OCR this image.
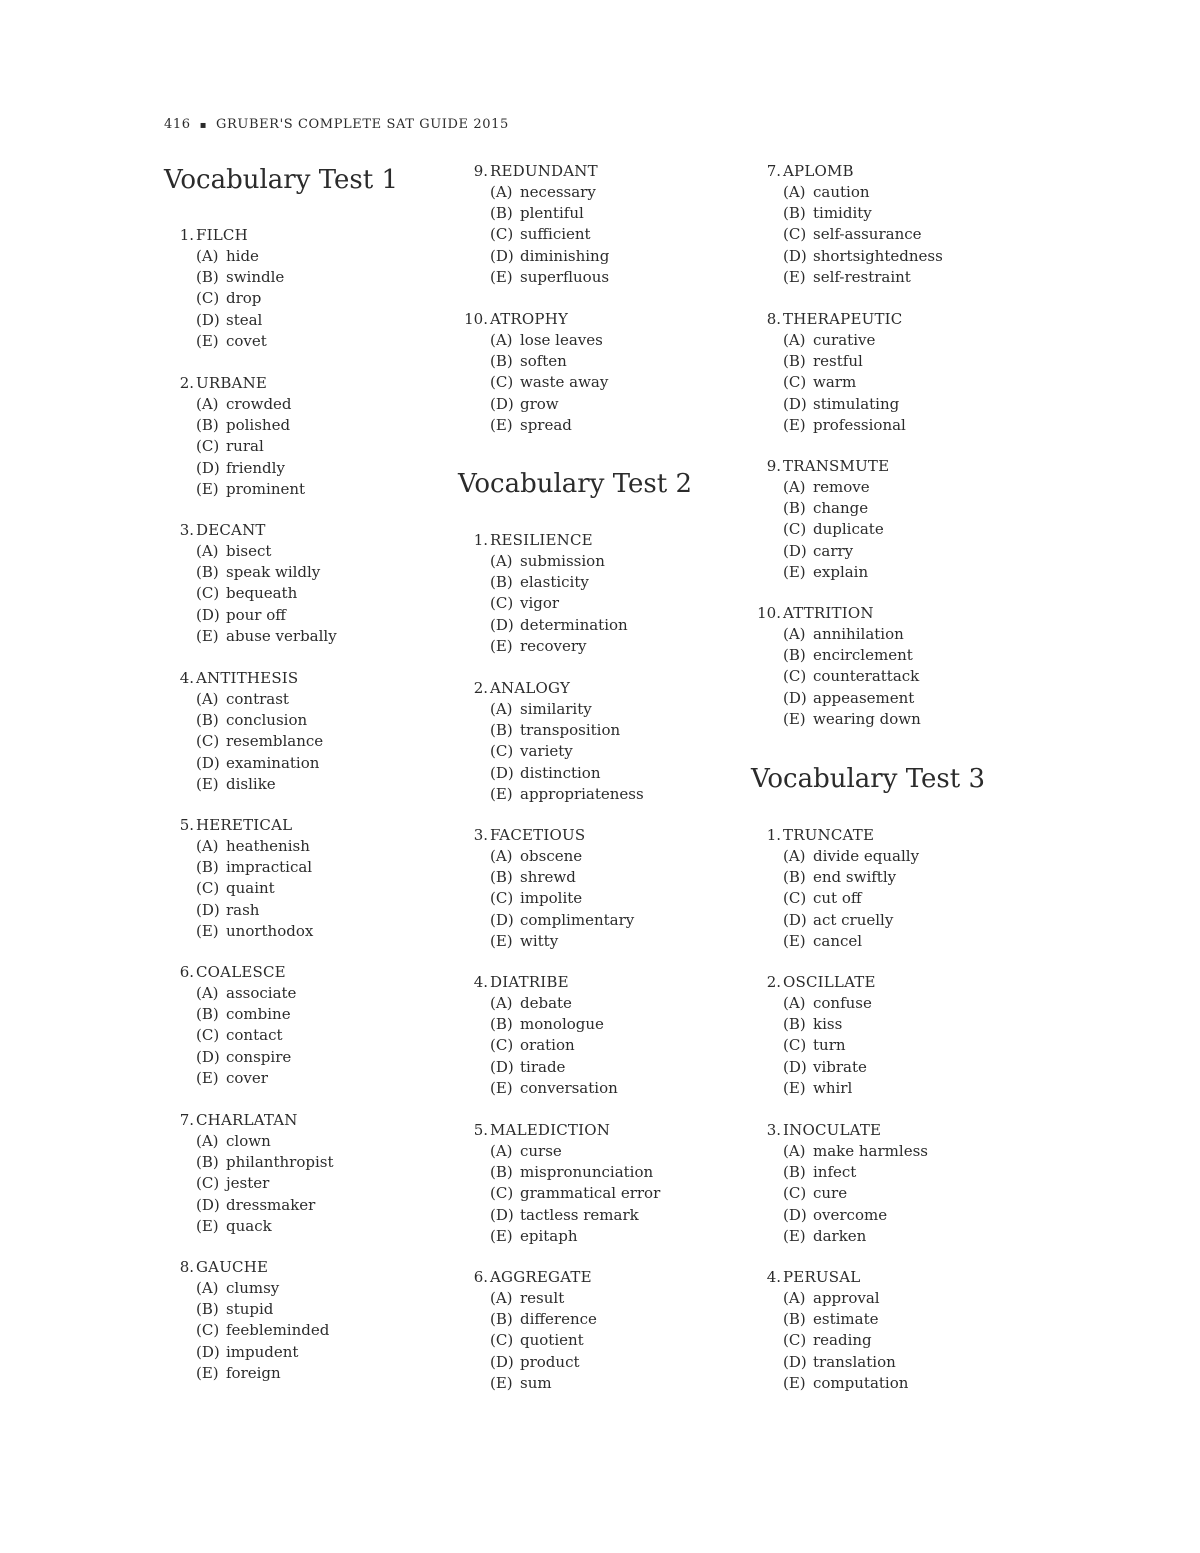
416 ▪ GRUBER'S COMPLETE SAT GUIDE 2015
Vocabulary Test 1
1. FILCH
(A) hide
(B) swindle
(C) drop
(D) steal
(E) covet
2. URBANE
(A) crowded
(B) polished
(C) rural
(D) friendly
(E) prominent
3. DECANT
(A) bisect
(B) speak wildly
(C) bequeath
(D) pour off
(E) abuse verbally
4. ANTITHESIS
(A) contrast
(B) conclusion
(C) resemblance
(D) examination
(E) dislike
5. HERETICAL
(A) heathenish
(B) impractical
(C) quaint
(D) rash
(E) unorthodox
6. COALESCE
(A) associate
(B) combine
(C) contact
(D) conspire
(E) cover
7. CHARLATAN
(A) clown
(B) philanthropist
(C) jester
(D) dressmaker
(E) quack
8. GAUCHE
(A) clumsy
(B) stupid
(C) feebleminded
(D) impudent
(E) foreign
9. REDUNDANT
(A) necessary
(B) plentiful
(C) sufficient
(D) diminishing
(E) superfluous
10. ATROPHY
(A) lose leaves
(B) soften
(C) waste away
(D) grow
(E) spread
Vocabulary Test 2
1. RESILIENCE
(A) submission
(B) elasticity
(C) vigor
(D) determination
(E) recovery
2. ANALOGY
(A) similarity
(B) transposition
(C) variety
(D) distinction
(E) appropriateness
3. FACETIOUS
(A) obscene
(B) shrewd
(C) impolite
(D) complimentary
(E) witty
4. DIATRIBE
(A) debate
(B) monologue
(C) oration
(D) tirade
(E) conversation
5. MALEDICTION
(A) curse
(B) mispronunciation
(C) grammatical error
(D) tactless remark
(E) epitaph
6. AGGREGATE
(A) result
(B) difference
(C) quotient
(D) product
(E) sum
7. APLOMB
(A) caution
(B) timidity
(C) self-assurance
(D) shortsightedness
(E) self-restraint
8. THERAPEUTIC
(A) curative
(B) restful
(C) warm
(D) stimulating
(E) professional
9. TRANSMUTE
(A) remove
(B) change
(C) duplicate
(D) carry
(E) explain
10. ATTRITION
(A) annihilation
(B) encirclement
(C) counterattack
(D) appeasement
(E) wearing down
Vocabulary Test 3
1. TRUNCATE
(A) divide equally
(B) end swiftly
(C) cut off
(D) act cruelly
(E) cancel
2. OSCILLATE
(A) confuse
(B) kiss
(C) turn
(D) vibrate
(E) whirl
3. INOCULATE
(A) make harmless
(B) infect
(C) cure
(D) overcome
(E) darken
4. PERUSAL
(A) approval
(B) estimate
(C) reading
(D) translation
(E) computation
